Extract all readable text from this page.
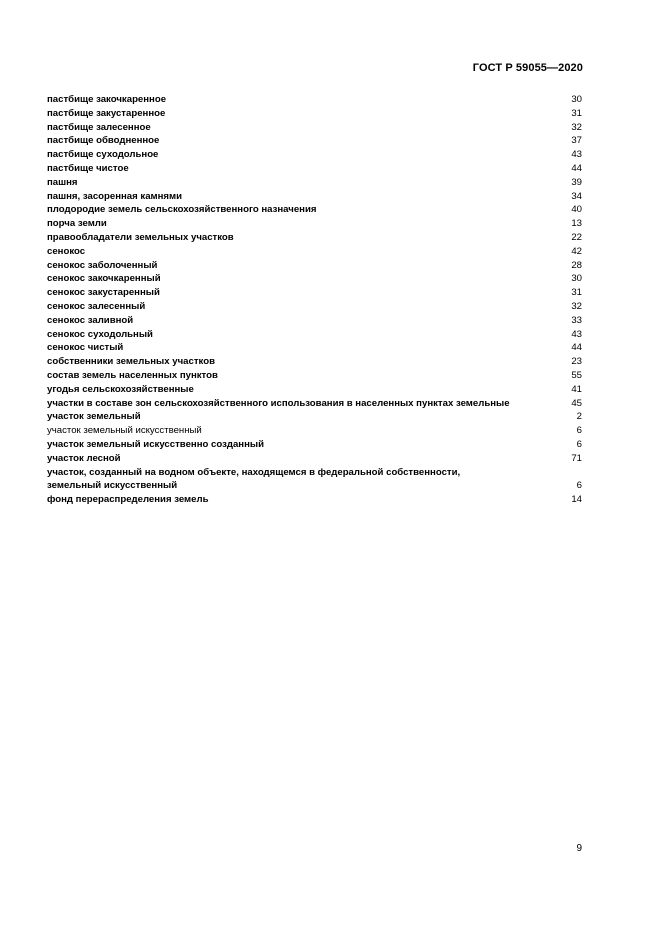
ГОСТ Р 59055—2020
пастбище закочкаренное	30
пастбище закустаренное	31
пастбище залесенное	32
пастбище обводненное	37
пастбище суходольное	43
пастбище чистое	44
пашня	39
пашня, засоренная камнями	34
плодородие земель сельскохозяйственного назначения	40
порча земли	13
правообладатели земельных участков	22
сенокос	42
сенокос заболоченный	28
сенокос закочкаренный	30
сенокос закустаренный	31
сенокос залесенный	32
сенокос заливной	33
сенокос суходольный	43
сенокос чистый	44
собственники земельных участков	23
состав земель населенных пунктов	55
угодья сельскохозяйственные	41
участки в составе зон сельскохозяйственного использования в населенных пунктах земельные	45
участок земельный	2
участок земельный искусственный	6
участок земельный искусственно созданный	6
участок лесной	71
участок, созданный на водном объекте, находящемся в федеральной собственности,
земельный искусственный	6
фонд перераспределения земель	14
9
